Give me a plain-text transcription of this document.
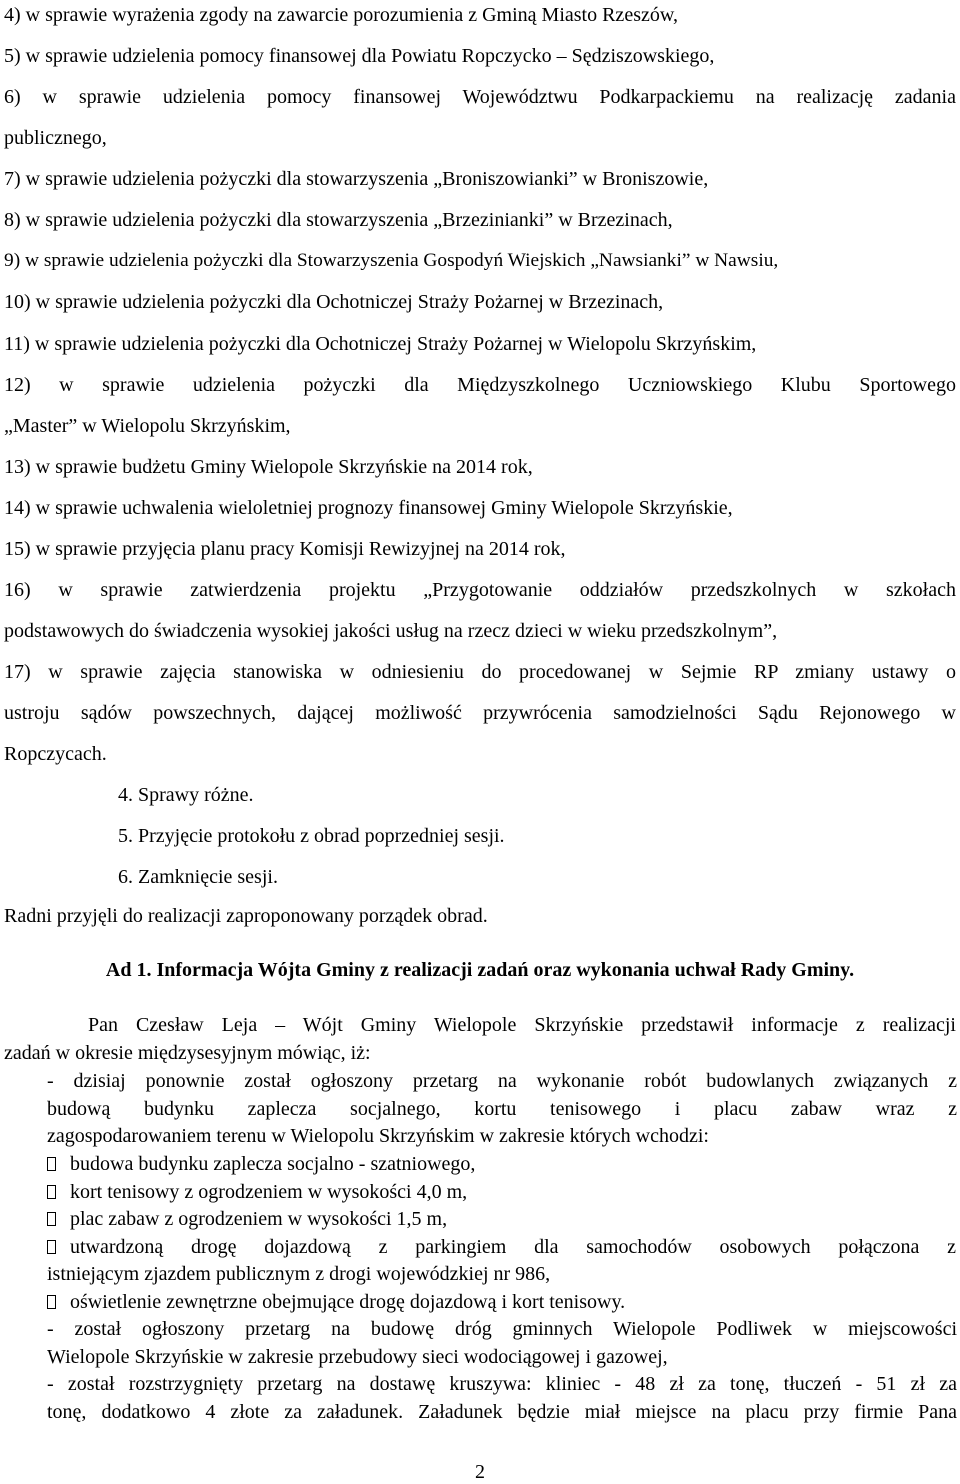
4) w sprawie wyrażenia zgody na zawarcie porozumienia z Gminą Miasto Rzeszów,
5) w sprawie udzielenia pomocy finansowej dla Powiatu Ropczycko – Sędziszowskiego,
6) w sprawie udzielenia pomocy finansowej Województwu Podkarpackiemu na realizację zadania
publicznego,
7) w sprawie udzielenia pożyczki dla stowarzyszenia „Broniszowianki” w Broniszowie,
8) w sprawie udzielenia pożyczki dla stowarzyszenia „Brzezinianki” w Brzezinach,
9) w sprawie udzielenia pożyczki dla Stowarzyszenia Gospodyń Wiejskich „Nawsianki” w Nawsiu,
10) w sprawie udzielenia pożyczki dla Ochotniczej Straży Pożarnej w Brzezinach,
11) w sprawie udzielenia pożyczki dla Ochotniczej Straży Pożarnej w Wielopolu Skrzyńskim,
12) w sprawie udzielenia pożyczki dla Międzyszkolnego Uczniowskiego Klubu Sportowego
„Master” w Wielopolu Skrzyńskim,
13) w sprawie budżetu Gminy Wielopole Skrzyńskie na 2014 rok,
14) w sprawie uchwalenia wieloletniej prognozy finansowej Gminy Wielopole Skrzyńskie,
15) w sprawie przyjęcia planu pracy Komisji Rewizyjnej na 2014 rok,
16) w sprawie zatwierdzenia projektu „Przygotowanie oddziałów przedszkolnych w szkołach
podstawowych do świadczenia wysokiej jakości usług na rzecz dzieci w wieku przedszkolnym”,
17) w sprawie zajęcia stanowiska w odniesieniu do procedowanej w Sejmie RP zmiany ustawy o
ustroju sądów powszechnych, dającej możliwość przywrócenia samodzielności Sądu Rejonowego w
Ropczycach.
4. Sprawy różne.
5. Przyjęcie protokołu z obrad poprzedniej sesji.
6. Zamknięcie sesji.
Radni przyjęli do realizacji zaproponowany porządek obrad.
Ad 1. Informacja Wójta Gminy z realizacji zadań oraz wykonania uchwał Rady Gminy.
Pan Czesław Leja – Wójt Gminy Wielopole Skrzyńskie przedstawił informacje z realizacji
zadań w okresie międzysesyjnym mówiąc, iż:
- dzisiaj ponownie został ogłoszony przetarg na wykonanie robót budowlanych związanych z
budową budynku zaplecza socjalnego, kortu tenisowego i placu zabaw wraz z
zagospodarowaniem terenu w Wielopolu Skrzyńskim w zakresie których wchodzi:
budowa budynku zaplecza socjalno - szatniowego,
kort tenisowy z ogrodzeniem w wysokości 4,0 m,
plac zabaw z ogrodzeniem w wysokości 1,5 m,
utwardzoną drogę dojazdową z parkingiem dla samochodów osobowych połączona z
istniejącym zjazdem publicznym z drogi wojewódzkiej nr 986,
oświetlenie zewnętrzne obejmujące drogę dojazdową i kort tenisowy.
- został ogłoszony przetarg na budowę dróg gminnych Wielopole Podliwek w miejscowości
Wielopole Skrzyńskie w zakresie przebudowy sieci wodociągowej i gazowej,
- został rozstrzygnięty przetarg na dostawę kruszywa: kliniec - 48 zł za tonę, tłuczeń - 51 zł za
tonę, dodatkowo 4 złote za załadunek. Załadunek będzie miał miejsce na placu przy firmie Pana
2
